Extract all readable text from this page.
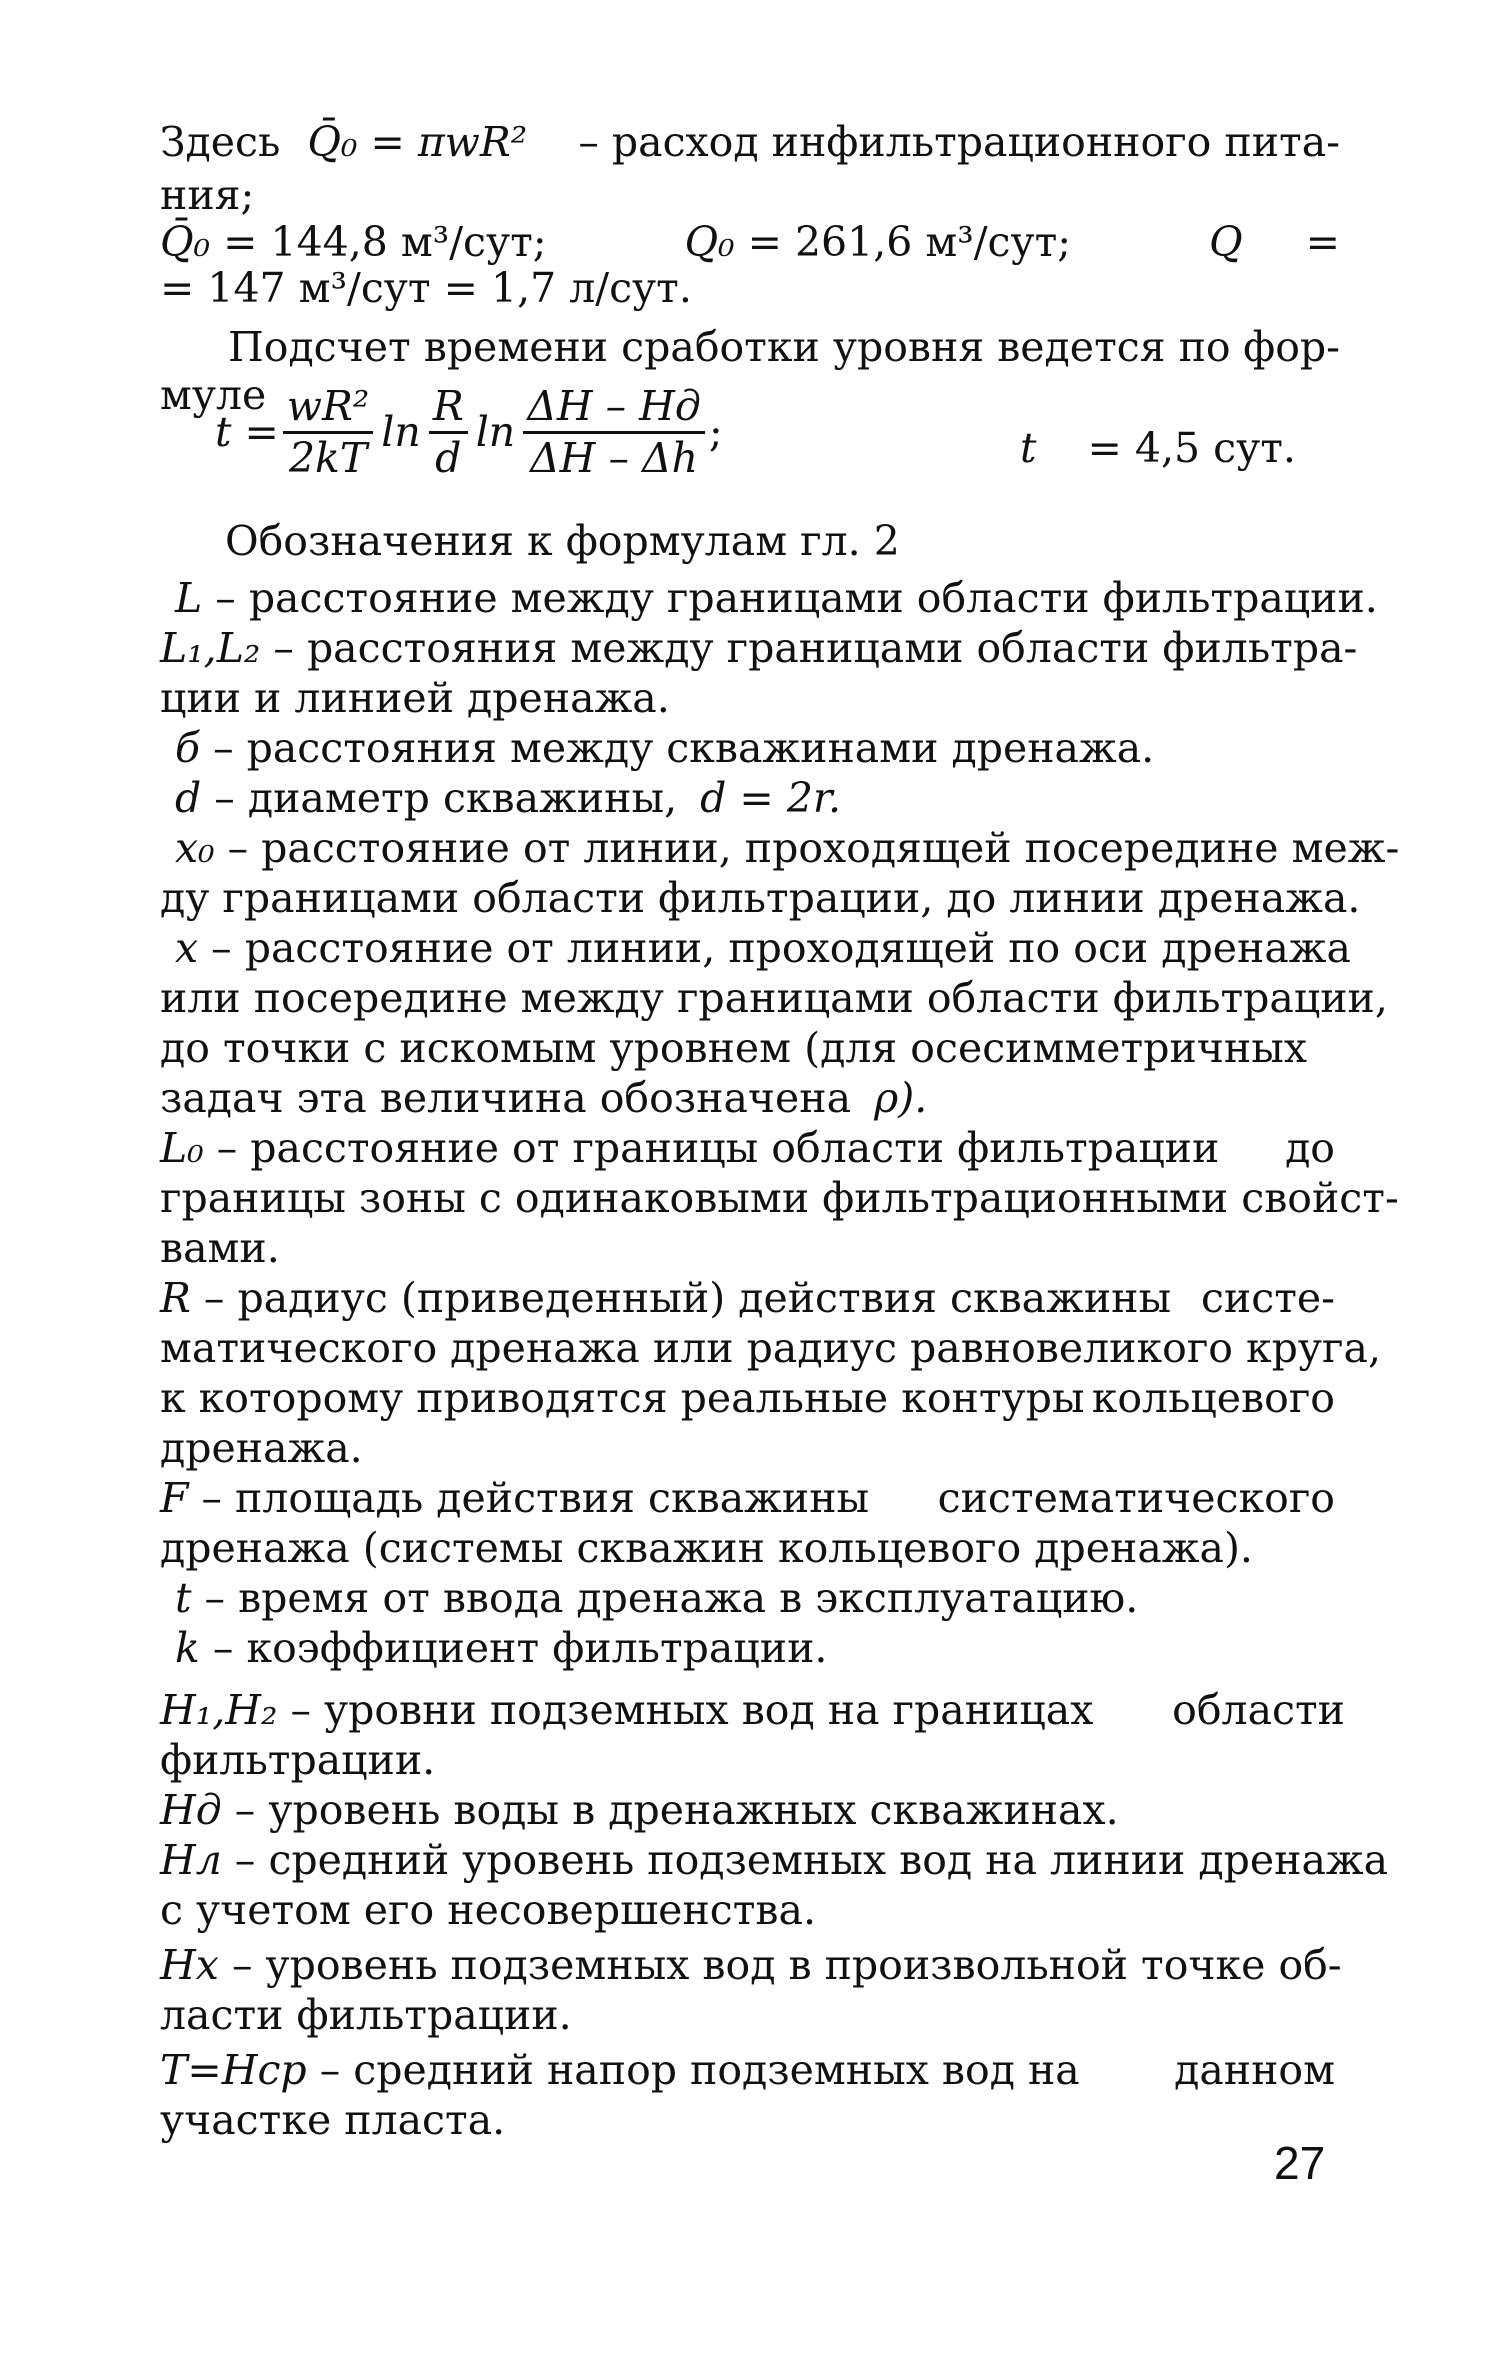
Здесь Q̄₀ = πwR² – расход инфильтрационного пита-
ния;
Q̄₀ = 144,8 м³/сут;	Q₀ = 261,6 м³/сут;	Q =
= 147 м³/сут = 1,7 л/сут.
Подсчет времени сработки уровня ведется по фор-
муле
$t = \frac{\text{wR²}}{2kT}$ $\ln \frac{R}{d}$ $\ln \frac{\Delta H - Hд}{\Delta H - \Delta h}$ ;	t = 4,5 сут.
Обозначения к формулам гл. 2
L – расстояние между границами области фильтрации.
L₁,L₂ – расстояния между границами области фильтра-
ции и линией дренажа.
б – расстояния между скважинами дренажа.
d – диаметр скважины, d = 2r.
x₀ – расстояние от линии, проходящей посередине меж-
ду границами области фильтрации, до линии дренажа.
x – расстояние от линии, проходящей по оси дренажа
или посередине между границами области фильтрации,
до точки с искомым уровнем (для осесимметричных
задач эта величина обозначена ρ).
L₀ – расстояние от границы области фильтрации до
границы зоны с одинаковыми фильтрационными свойст-
вами.
R – радиус (приведенный) действия скважины систе-
матического дренажа или радиус равновеликого круга,
к которому приводятся реальные контуры кольцевого
дренажа.
F – площадь действия скважины систематического
дренажа (системы скважин кольцевого дренажа).
t – время от ввода дренажа в эксплуатацию.
k – коэффициент фильтрации.
H₁,H₂ – уровни подземных вод на границах области
фильтрации.
Hд – уровень воды в дренажных скважинах.
Hл – средний уровень подземных вод на линии дренажа
с учетом его несовершенства.
Hx – уровень подземных вод в произвольной точке об-
ласти фильтрации.
T=Hср – средний напор подземных вод на данном
участке пласта.
27
